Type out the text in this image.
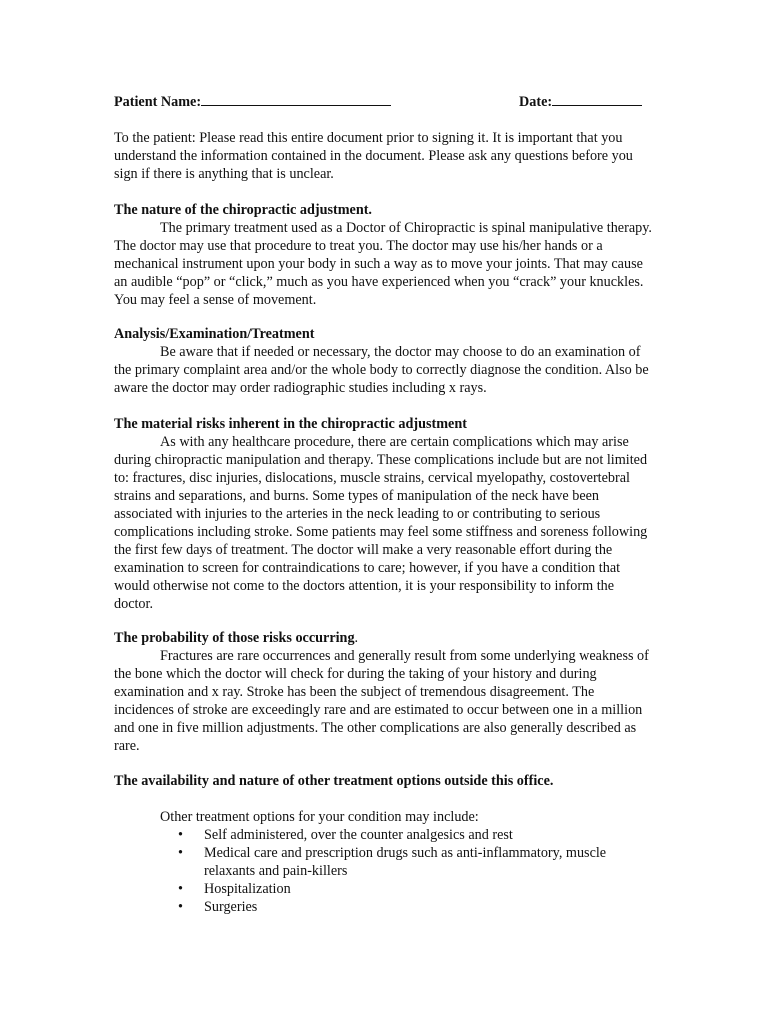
Patient Name:	Date:

To the patient: Please read this entire document prior to signing it. It is important that you understand the information contained in the document. Please ask any questions before you sign if there is anything that is unclear.

The nature of the chiropractic adjustment.

The primary treatment used as a Doctor of Chiropractic is spinal manipulative therapy. The doctor may use that procedure to treat you. The doctor may use his/her hands or a mechanical instrument upon your body in such a way as to move your joints. That may cause an audible “pop” or “click,” much as you have experienced when you “crack” your knuckles. You may feel a sense of movement.

Analysis/Examination/Treatment

Be aware that if needed or necessary, the doctor may choose to do an examination of the primary complaint area and/or the whole body to correctly diagnose the condition. Also be aware the doctor may order radiographic studies including x rays.

The material risks inherent in the chiropractic adjustment

As with any healthcare procedure, there are certain complications which may arise during chiropractic manipulation and therapy. These complications include but are not limited to: fractures, disc injuries, dislocations, muscle strains, cervical myelopathy, costovertebral strains and separations, and burns. Some types of manipulation of the neck have been associated with injuries to the arteries in the neck leading to or contributing to serious complications including stroke. Some patients may feel some stiffness and soreness following the first few days of treatment. The doctor will make a very reasonable effort during the examination to screen for contraindications to care; however, if you have a condition that would otherwise not come to the doctors attention, it is your responsibility to inform the doctor.

The probability of those risks occurring.

Fractures are rare occurrences and generally result from some underlying weakness of the bone which the doctor will check for during the taking of your history and during examination and x ray. Stroke has been the subject of tremendous disagreement. The incidences of stroke are exceedingly rare and are estimated to occur between one in a million and one in five million adjustments. The other complications are also generally described as rare.

The availability and nature of other treatment options outside this office.

Other treatment options for your condition may include:

• Self administered, over the counter analgesics and rest
• Medical care and prescription drugs such as anti-inflammatory, muscle relaxants and pain-killers
• Hospitalization
• Surgeries
